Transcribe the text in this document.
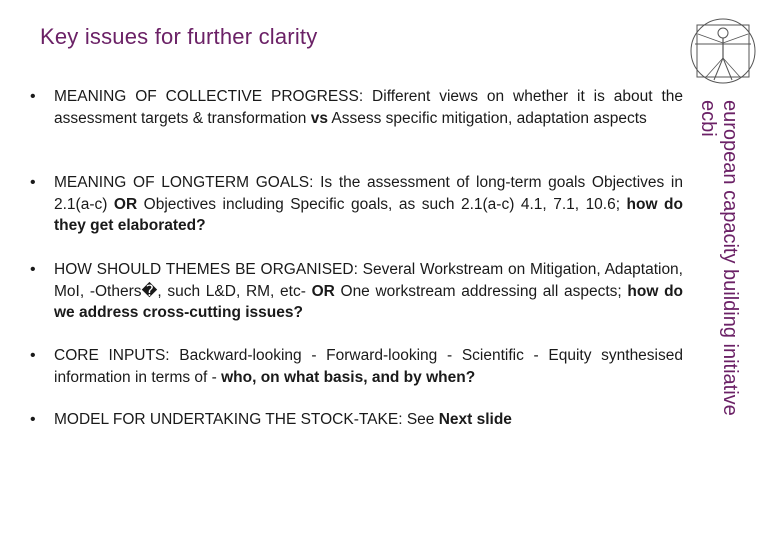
Key issues for further clarity
•	MEANING OF COLLECTIVE PROGRESS: Different views on whether it is about the assessment targets & transformation vs Assess specific mitigation, adaptation aspects
•	MEANING OF LONGTERM GOALS: Is the assessment of long-term goals Objectives in 2.1(a-c) OR Objectives including Specific goals, as such 2.1(a-c) 4.1, 7.1, 10.6; how do they get elaborated?
•	HOW SHOULD THEMES BE ORGANISED: Several Workstream on Mitigation, Adaptation, MoI, -Others�, such L&D, RM, etc- OR One workstream addressing all aspects; how do we address cross-cutting issues?
•	CORE INPUTS: Backward-looking - Forward-looking - Scientific - Equity synthesised information in terms of - who, on what basis, and by when?
•	MODEL FOR UNDERTAKING THE STOCK-TAKE: See Next slide
european capacity building initiative
ecbi
